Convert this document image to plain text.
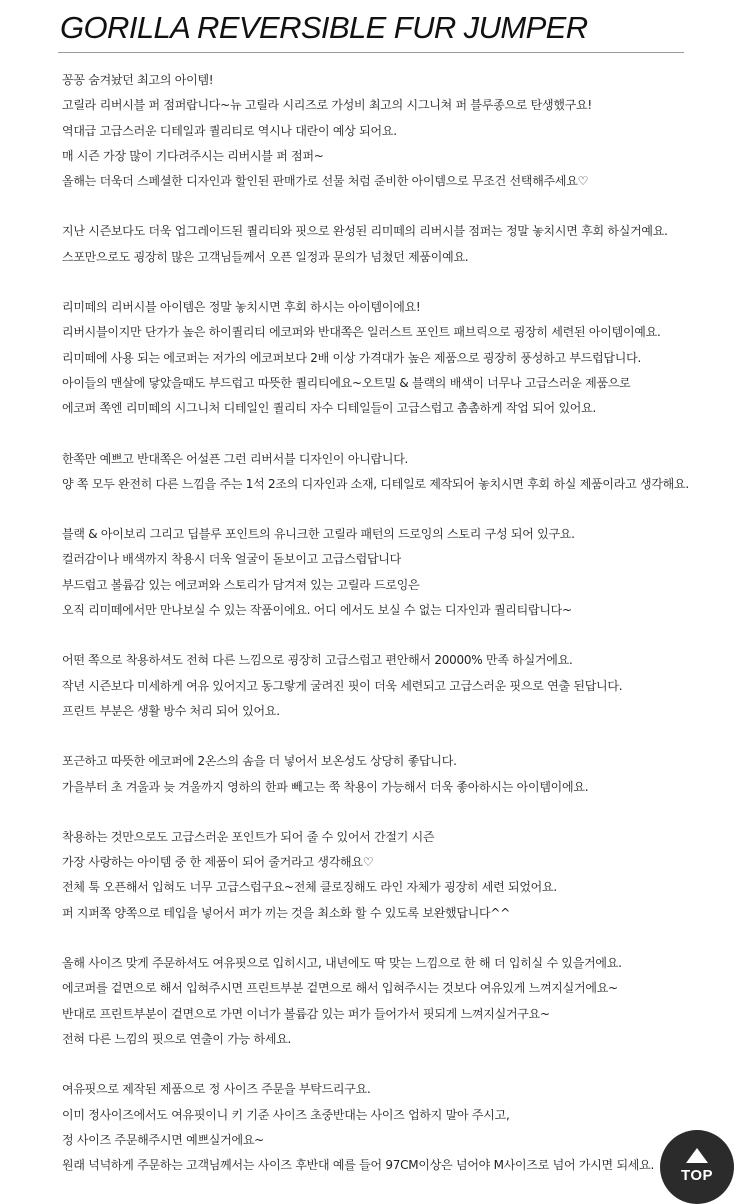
GORILLA REVERSIBLE FUR JUMPER
꽁꽁 숨겨놨던 최고의 아이템!
고릴라 리버시블 퍼 점퍼랍니다~뉴 고릴라 시리즈로 가성비 최고의 시그니쳐 퍼 블루종으로 탄생했구요!
역대급 고급스러운 디테일과 퀄리티로 역시나 대란이 예상 되어요.
매 시즌 가장 많이 기다려주시는 리버시블 퍼 점퍼~
올해는 더욱더 스페셜한 디자인과 할인된 판매가로 선물 처럼 준비한 아이템으로 무조건 선택해주세요♡
지난 시즌보다도 더욱 업그레이드된 퀄리티와 핏으로 완성된 리미떼의 리버시블 점퍼는 정말 놓치시면 후회 하실거예요.
스포만으로도 굉장히 많은 고객님들께서 오픈 일정과 문의가 넘쳤던 제품이예요.
리미떼의 리버시블 아이템은 정말 놓치시면 후회 하시는 아이템이에요!
리버시블이지만 단가가 높은 하이퀄리티 에코퍼와 반대쪽은 일러스트 포인트 패브릭으로 굉장히 세련된 아이템이예요.
리미떼에 사용 되는 에코퍼는 저가의 에코퍼보다 2배 이상 가격대가 높은 제품으로 굉장히 풍성하고 부드럽답니다.
아이들의 맨살에 닿았을때도 부드럽고 따뜻한 퀄리티에요~오트밀 & 블랙의 배색이 너무나 고급스러운 제품으로
에코퍼 쪽엔 리미떼의 시그니처 디테일인 퀄리티 자수 디테일들이 고급스럽고 촘촘하게 작업 되어 있어요.
한쪽만 예쁘고 반대쪽은 어설픈 그런 리버서블 디자인이 아니랍니다.
양 쪽 모두 완전히 다른 느낌을 주는 1석 2조의 디자인과 소재, 디테일로 제작되어 놓치시면 후회 하실 제품이라고 생각해요.
블랙 & 아이보리 그리고 딥블루 포인트의 유니크한 고릴라 패턴의 드로잉의 스토리 구성 되어 있구요.
컬러감이나 배색까지 착용시 더욱 얼굴이 돋보이고 고급스럽답니다
부드럽고 볼륨감 있는 에코퍼와 스토리가 담겨져 있는 고릴라 드로잉은
오직 리미떼에서만 만나보실 수 있는 작품이에요. 어디 에서도 보실 수 없는 디자인과 퀄리티랍니다~
어떤 쪽으로 착용하셔도 전혀 다른 느낌으로 굉장히 고급스럽고 편안해서 20000% 만족 하실거에요.
작년 시즌보다 미세하게 여유 있어지고 동그랗게 굴려진 핏이 더욱 세련되고 고급스러운 핏으로 연출 된답니다.
프린트 부분은 생활 방수 처리 되어 있어요.
포근하고 따뜻한 에코퍼에 2온스의 솜을 더 넣어서 보온성도 상당히 좋답니다.
가을부터 초 겨울과 늦 겨울까지 영하의 한파 빼고는 쭉 착용이 가능해서 더욱 좋아하시는 아이템이에요.
착용하는 것만으로도 고급스러운 포인트가 되어 줄 수 있어서 간절기 시즌
가장 사랑하는 아이템 중 한 제품이 되어 줄거라고 생각해요♡
전체 툭 오픈해서 입혀도 너무 고급스럽구요~전체 클로징해도 라인 자체가 굉장히 세련 되었어요.
퍼 지퍼쪽 양쪽으로 테입을 넣어서 퍼가 끼는 것을 최소화 할 수 있도록 보완했답니다^^
올해 사이즈 맞게 주문하셔도 여유핏으로 입히시고, 내년에도 딱 맞는 느낌으로 한 해 더 입히실 수 있을거에요.
에코퍼를 겉면으로 해서 입혀주시면 프린트부분 겉면으로 해서 입혀주시는 것보다 여유있게 느껴지실거에요~
반대로 프린트부분이 겉면으로 가면 이너가 볼륨감 있는 퍼가 들어가서 핏되게 느껴지실거구요~
전혀 다른 느낌의 핏으로 연출이 가능 하세요.
여유핏으로 제작된 제품으로 정 사이즈 주문을 부탁드리구요.
이미 정사이즈에서도 여유핏이니 키 기준 사이즈 초중반대는 사이즈 업하지 말아 주시고,
정 사이즈 주문해주시면 예쁘실거에요~
원래 넉넉하게 주문하는 고객님께서는 사이즈 후반대 예를 들어 97CM이상은 넘어야 M사이즈로 넘어 가시면 되세요.
TOP
